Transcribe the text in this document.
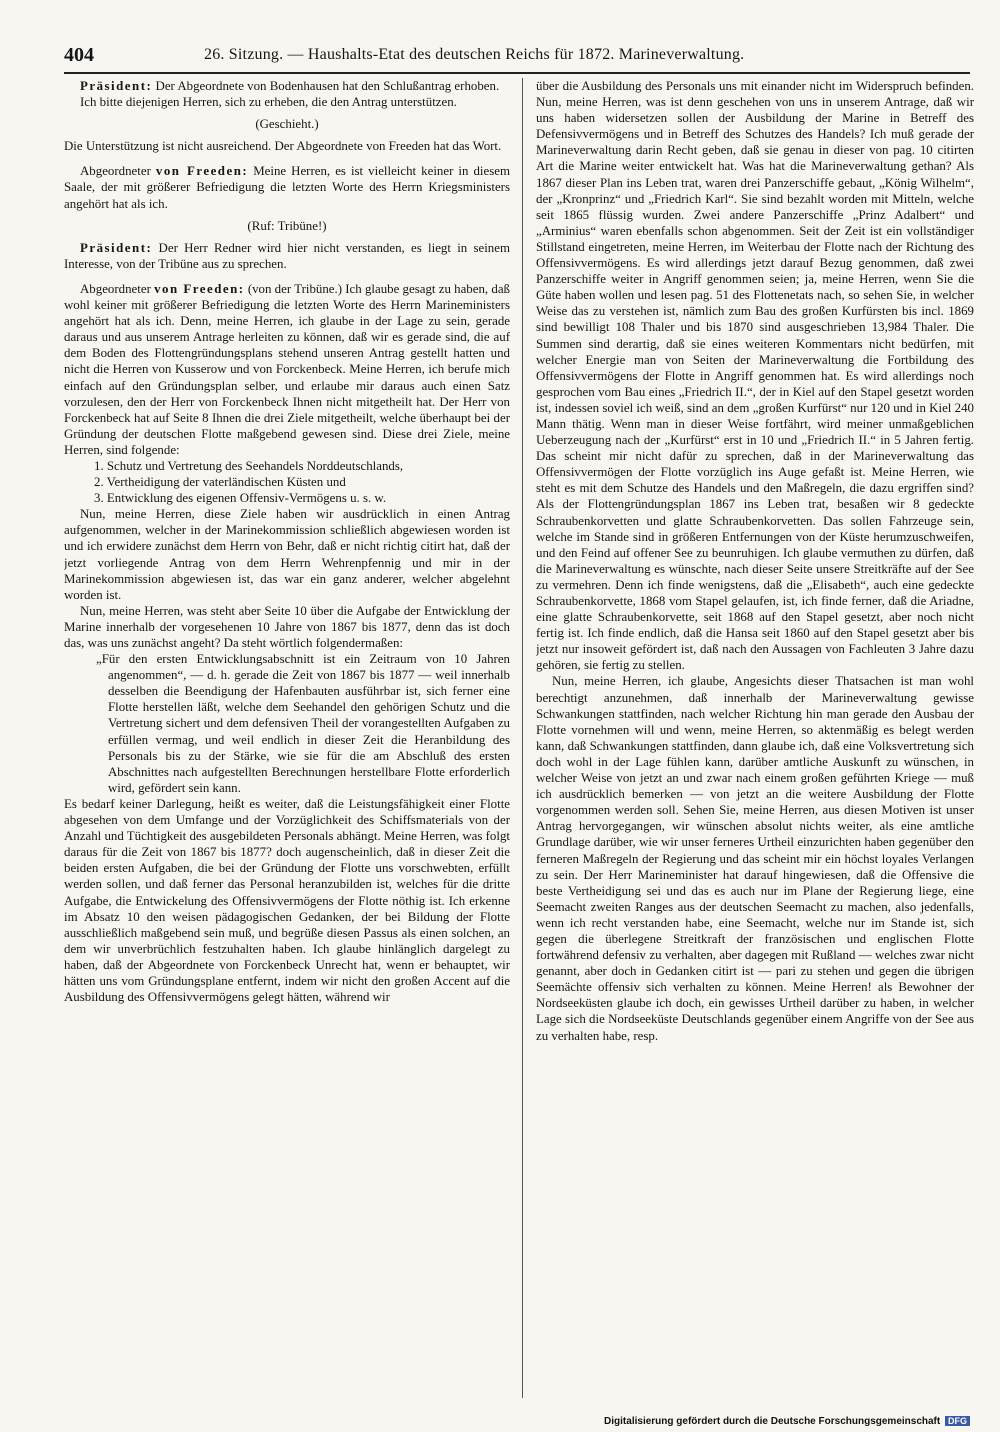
404	26. Sitzung. — Haushalts-Etat des deutschen Reichs für 1872. Marineverwaltung.

Präsident: Der Abgeordnete von Bodenhausen hat den Schlußantrag erhoben.

Ich bitte diejenigen Herren, sich zu erheben, die den Antrag unterstützen.

(Geschieht.)

Die Unterstützung ist nicht ausreichend. Der Abgeordnete von Freeden hat das Wort.

Abgeordneter von Freeden: Meine Herren, es ist vielleicht keiner in diesem Saale, der mit größerer Befriedigung die letzten Worte des Herrn Kriegsministers angehört hat als ich.

(Ruf: Tribüne!)

Präsident: Der Herr Redner wird hier nicht verstanden, es liegt in seinem Interesse, von der Tribüne aus zu sprechen.

Abgeordneter von Freeden: (von der Tribüne.) Ich glaube gesagt zu haben, daß wohl keiner mit größerer Befriedigung die letzten Worte des Herrn Marineministers angehört hat als ich. Denn, meine Herren, ich glaube in der Lage zu sein, gerade daraus und aus unserem Antrage herleiten zu können, daß wir es gerade sind, die auf dem Boden des Flottengründungsplans stehend unseren Antrag gestellt hatten und nicht die Herren von Kusserow und von Forckenbeck. Meine Herren, ich berufe mich einfach auf den Gründungsplan selber, und erlaube mir daraus auch einen Satz vorzulesen, den der Herr von Forckenbeck Ihnen nicht mitgetheilt hat. Der Herr von Forckenbeck hat auf Seite 8 Ihnen die drei Ziele mitgetheilt, welche überhaupt bei der Gründung der deutschen Flotte maßgebend gewesen sind. Diese drei Ziele, meine Herren, sind folgende:

1. Schutz und Vertretung des Seehandels Norddeutschlands,

2. Vertheidigung der vaterländischen Küsten und

3. Entwicklung des eigenen Offensiv-Vermögens u. s. w.

Nun, meine Herren, diese Ziele haben wir ausdrücklich in einen Antrag aufgenommen, welcher in der Marinekommission schließlich abgewiesen worden ist und ich erwidere zunächst dem Herrn von Behr, daß er nicht richtig citirt hat, daß der jetzt vorliegende Antrag von dem Herrn Wehrenpfennig und mir in der Marinekommission abgewiesen ist, das war ein ganz anderer, welcher abgelehnt worden ist.

Nun, meine Herren, was steht aber Seite 10 über die Aufgabe der Entwicklung der Marine innerhalb der vorgesehenen 10 Jahre von 1867 bis 1877, denn das ist doch das, was uns zunächst angeht? Da steht wörtlich folgendermaßen:

„Für den ersten Entwicklungsabschnitt ist ein Zeitraum von 10 Jahren angenommen“, — d. h. gerade die Zeit von 1867 bis 1877 — weil innerhalb desselben die Beendigung der Hafenbauten ausführbar ist, sich ferner eine Flotte herstellen läßt, welche dem Seehandel den gehörigen Schutz und die Vertretung sichert und dem defensiven Theil der vorangestellten Aufgaben zu erfüllen vermag, und weil endlich in dieser Zeit die Heranbildung des Personals bis zu der Stärke, wie sie für die am Abschluß des ersten Abschnittes nach aufgestellten Berechnungen herstellbare Flotte erforderlich wird, gefördert sein kann.

Es bedarf keiner Darlegung, heißt es weiter, daß die Leistungsfähigkeit einer Flotte abgesehen von dem Umfange und der Vorzüglichkeit des Schiffsmaterials von der Anzahl und Tüchtigkeit des ausgebildeten Personals abhängt. Meine Herren, was folgt daraus für die Zeit von 1867 bis 1877? doch augenscheinlich, daß in dieser Zeit die beiden ersten Aufgaben, die bei der Gründung der Flotte uns vorschwebten, erfüllt werden sollen, und daß ferner das Personal heranzubilden ist, welches für die dritte Aufgabe, die Entwickelung des Offensivvermögens der Flotte nöthig ist. Ich erkenne im Absatz 10 den weisen pädagogischen Gedanken, der bei Bildung der Flotte ausschließlich maßgebend sein muß, und begrüße diesen Passus als einen solchen, an dem wir unverbrüchlich festzuhalten haben. Ich glaube hinlänglich dargelegt zu haben, daß der Abgeordnete von Forckenbeck Unrecht hat, wenn er behauptet, wir hätten uns vom Gründungsplane entfernt, indem wir nicht den großen Accent auf die Ausbildung des Offensivvermögens gelegt hätten, während wir

über die Ausbildung des Personals uns mit einander nicht im Widerspruch befinden. Nun, meine Herren, was ist denn geschehen von uns in unserem Antrage, daß wir uns haben widersetzen sollen der Ausbildung der Marine in Betreff des Defensivvermögens und in Betreff des Schutzes des Handels? Ich muß gerade der Marineverwaltung darin Recht geben, daß sie genau in dieser von pag. 10 citirten Art die Marine weiter entwickelt hat. Was hat die Marineverwaltung gethan? Als 1867 dieser Plan ins Leben trat, waren drei Panzerschiffe gebaut, „König Wilhelm“, der „Kronprinz“ und „Friedrich Karl“. Sie sind bezahlt worden mit Mitteln, welche seit 1865 flüssig wurden. Zwei andere Panzerschiffe „Prinz Adalbert“ und „Arminius“ waren ebenfalls schon abgenommen. Seit der Zeit ist ein vollständiger Stillstand eingetreten, meine Herren, im Weiterbau der Flotte nach der Richtung des Offensivvermögens. Es wird allerdings jetzt darauf Bezug genommen, daß zwei Panzerschiffe weiter in Angriff genommen seien; ja, meine Herren, wenn Sie die Güte haben wollen und lesen pag. 51 des Flottenetats nach, so sehen Sie, in welcher Weise das zu verstehen ist, nämlich zum Bau des großen Kurfürsten bis incl. 1869 sind bewilligt 108 Thaler und bis 1870 sind ausgeschrieben 13,984 Thaler. Die Summen sind derartig, daß sie eines weiteren Kommentars nicht bedürfen, mit welcher Energie man von Seiten der Marineverwaltung die Fortbildung des Offensivvermögens der Flotte in Angriff genommen hat. Es wird allerdings noch gesprochen vom Bau eines „Friedrich II.“, der in Kiel auf den Stapel gesetzt worden ist, indessen soviel ich weiß, sind an dem „großen Kurfürst“ nur 120 und in Kiel 240 Mann thätig. Wenn man in dieser Weise fortfährt, wird meiner unmaßgeblichen Ueberzeugung nach der „Kurfürst“ erst in 10 und „Friedrich II.“ in 5 Jahren fertig. Das scheint mir nicht dafür zu sprechen, daß in der Marineverwaltung das Offensivvermögen der Flotte vorzüglich ins Auge gefaßt ist. Meine Herren, wie steht es mit dem Schutze des Handels und den Maßregeln, die dazu ergriffen sind? Als der Flottengründungsplan 1867 ins Leben trat, besaßen wir 8 gedeckte Schraubenkorvetten und glatte Schraubenkorvetten. Das sollen Fahrzeuge sein, welche im Stande sind in größeren Entfernungen von der Küste herumzuschweifen, und den Feind auf offener See zu beunruhigen. Ich glaube vermuthen zu dürfen, daß die Marineverwaltung es wünschte, nach dieser Seite unsere Streitkräfte auf der See zu vermehren. Denn ich finde wenigstens, daß die „Elisabeth“, auch eine gedeckte Schraubenkorvette, 1868 vom Stapel gelaufen, ist, ich finde ferner, daß die Ariadne, eine glatte Schraubenkorvette, seit 1868 auf den Stapel gesetzt, aber noch nicht fertig ist. Ich finde endlich, daß die Hansa seit 1860 auf den Stapel gesetzt aber bis jetzt nur insoweit gefördert ist, daß nach den Aussagen von Fachleuten 3 Jahre dazu gehören, sie fertig zu stellen.

Nun, meine Herren, ich glaube, Angesichts dieser Thatsachen ist man wohl berechtigt anzunehmen, daß innerhalb der Marineverwaltung gewisse Schwankungen stattfinden, nach welcher Richtung hin man gerade den Ausbau der Flotte vornehmen will und wenn, meine Herren, so aktenmäßig es belegt werden kann, daß Schwankungen stattfinden, dann glaube ich, daß eine Volksvertretung sich doch wohl in der Lage fühlen kann, darüber amtliche Auskunft zu wünschen, in welcher Weise von jetzt an und zwar nach einem großen geführten Kriege — muß ich ausdrücklich bemerken — von jetzt an die weitere Ausbildung der Flotte vorgenommen werden soll. Sehen Sie, meine Herren, aus diesen Motiven ist unser Antrag hervorgegangen, wir wünschen absolut nichts weiter, als eine amtliche Grundlage darüber, wie wir unser ferneres Urtheil einzurichten haben gegenüber den ferneren Maßregeln der Regierung und das scheint mir ein höchst loyales Verlangen zu sein. Der Herr Marineminister hat darauf hingewiesen, daß die Offensive die beste Vertheidigung sei und das es auch nur im Plane der Regierung liege, eine Seemacht zweiten Ranges aus der deutschen Seemacht zu machen, also jedenfalls, wenn ich recht verstanden habe, eine Seemacht, welche nur im Stande ist, sich gegen die überlegene Streitkraft der französischen und englischen Flotte fortwährend defensiv zu verhalten, aber dagegen mit Rußland — welches zwar nicht genannt, aber doch in Gedanken citirt ist — pari zu stehen und gegen die übrigen Seemächte offensiv sich verhalten zu können. Meine Herren! als Bewohner der Nordseeküsten glaube ich doch, ein gewisses Urtheil darüber zu haben, in welcher Lage sich die Nordseeküste Deutschlands gegenüber einem Angriffe von der See aus zu verhalten habe, resp.

Digitalisierung gefördert durch die Deutsche Forschungsgemeinschaft DFG
